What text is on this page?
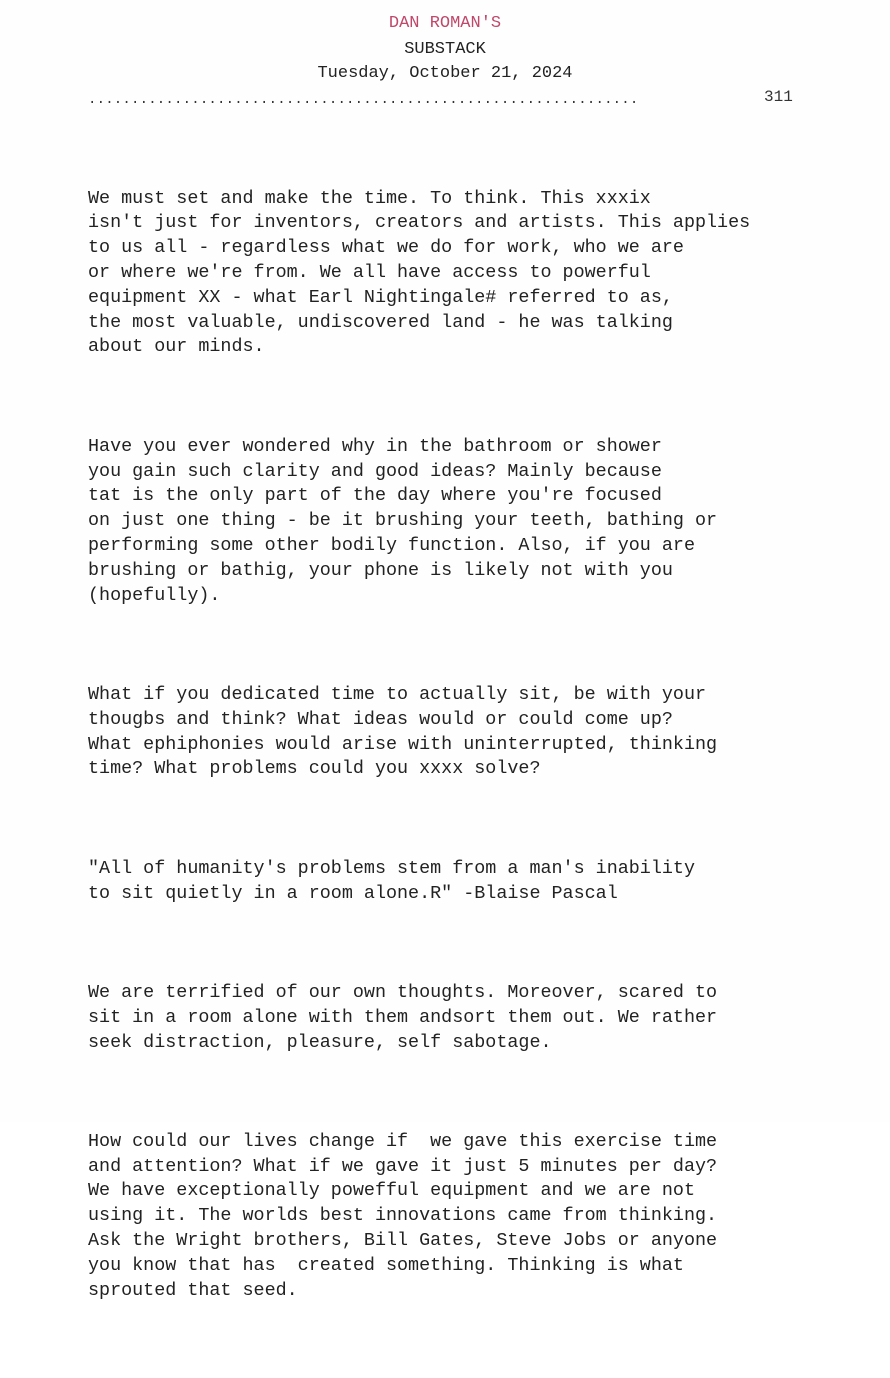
DAN ROMAN'S
SUBSTACK
Tuesday, October 21, 2024
................................................................	311

We must set and make the time. To think. This xxxix
isn't just for inventors, creators and artists. This applies
to us all - regardless what we do for work, who we are
or where we're from. We all have access to powerful
equipment XX - what Earl Nightingale# referred to as,
the most valuable, undiscovered land - he was talking
about our minds.

Have you ever wondered why in the bathroom or shower
you gain such clarity and good ideas? Mainly because
tat is the only part of the day where you're focused
on just one thing - be it brushing your teeth, bathing or
performing some other bodily function. Also, if you are
brushing or bathig, your phone is likely not with you
(hopefully).

What if you dedicated time to actually sit, be with your
thougbs and think? What ideas would or could come up?
What ephiphonies would arise with uninterrupted, thinking
time? What problems could you xxxx solve?

"All of humanity's problems stem from a man's inability
to sit quietly in a room alone.R" -Blaise Pascal

We are terrified of our own thoughts. Moreover, scared to
sit in a room alone with them andsort them out. We rather
seek distraction, pleasure, self sabotage.

How could our lives change if  we gave this exercise time
and attention? What if we gave it just 5 minutes per day?
We have exceptionally powefful equipment and we are not
using it. The worlds best innovations came from thinking.
Ask the Wright brothers, Bill Gates, Steve Jobs or anyone
you know that has  created something. Thinking is what
sprouted that seed.
